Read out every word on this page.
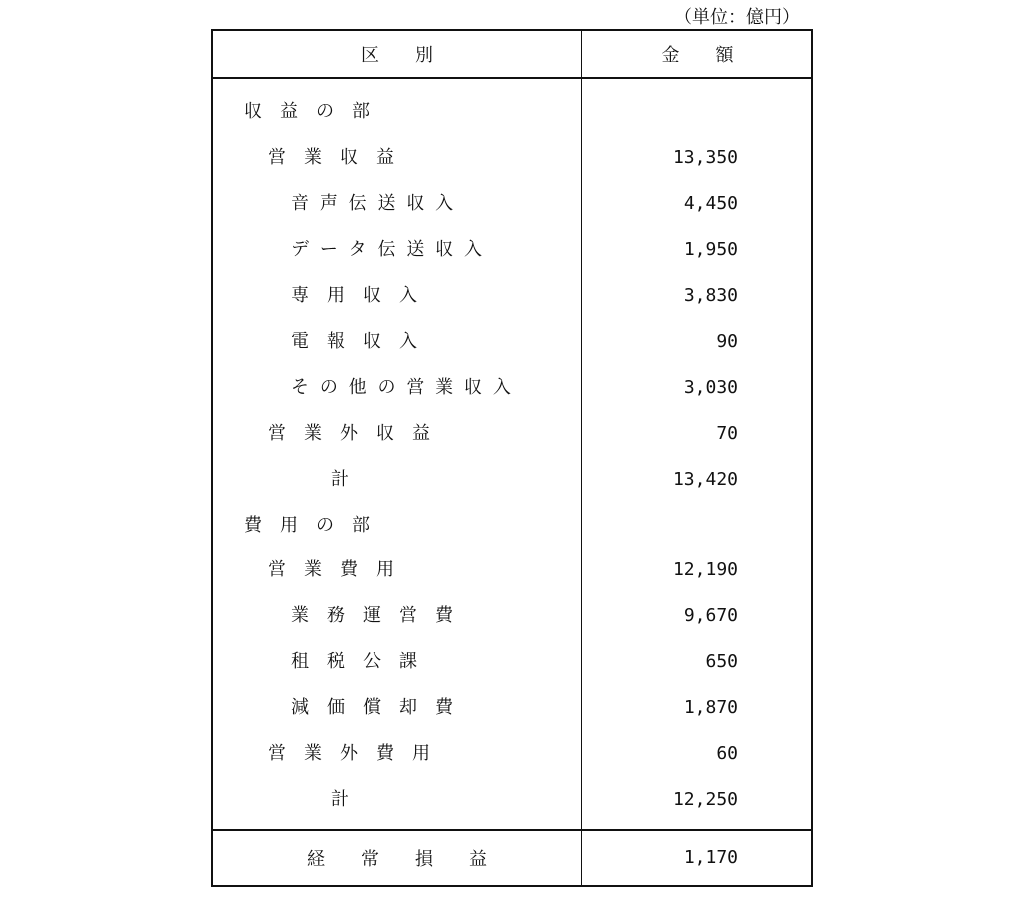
（単位：億円）
区　　別	金　　額
収　益　の　部
営　業　収　益	13,350
音 声 伝 送 収 入	4,450
デ ー タ 伝 送 収 入	1,950
専　用　収　入	3,830
電　報　収　入	90
そ の 他 の 営 業 収 入	3,030
営　業　外　収　益	70
計	13,420
費　用　の　部
営　業　費　用	12,190
業　務　運　営　費	9,670
租　税　公　課	650
減　価　償　却　費	1,870
営　業　外　費　用	60
計	12,250
経　　常　　損　　益	1,170
